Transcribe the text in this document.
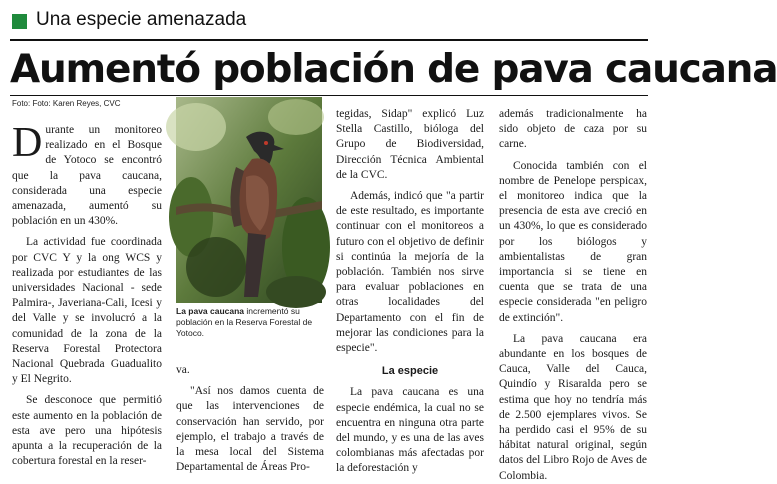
Una especie amenazada
Aumentó población de pava caucana
Foto: Foto: Karen Reyes, CVC

Durante un monitoreo realizado en el Bosque de Yotoco se encontró que la pava caucana, considerada una especie amenazada, aumentó su población en un 430%.

La actividad fue coordinada por CVC Y y la ong WCS y realizada por estudiantes de las universidades Nacional - sede Palmira-, Javeriana-Cali, Icesi y del Valle y se involucró a la comunidad de la zona de la Reserva Forestal Protectora Nacional Quebrada Guadualito y El Negrito.

Se desconoce que permitió este aumento en la población de esta ave pero una hipótesis apunta a la recuperación de la cobertura forestal en la reser-

La pava caucana incrementó su población en la Reserva Forestal de Yotoco.

va.

"Así nos damos cuenta de que las intervenciones de conservación han servido, por ejemplo, el trabajo a través de la mesa local del Sistema Departamental de Áreas Pro-

tegidas, Sidap" explicó Luz Stella Castillo, bióloga del Grupo de Biodiversidad, Dirección Técnica Ambiental de la CVC.

Además, indicó que "a partir de este resultado, es importante continuar con el monitoreos a futuro con el objetivo de definir si continúa la mejoría de la población. También nos sirve para evaluar poblaciones en otras localidades del Departamento con el fin de mejorar las condiciones para la especie".

La especie

La pava caucana es una especie endémica, la cual no se encuentra en ninguna otra parte del mundo, y es una de las aves colombianas más afectadas por la deforestación y

además tradicionalmente ha sido objeto de caza por su carne.

Conocida también con el nombre de Penelope perspicax, el monitoreo indica que la presencia de esta ave creció en un 430%, lo que es considerado por los biólogos y ambientalistas de gran importancia si se tiene en cuenta que se trata de una especie considerada "en peligro de extinción".

La pava caucana era abundante en los bosques de Cauca, Valle del Cauca, Quindío y Risaralda pero se estima que hoy no tendría más de 2.500 ejemplares vivos. Se ha perdido casi el 95% de su hábitat natural original, según datos del Libro Rojo de Aves de Colombia.
